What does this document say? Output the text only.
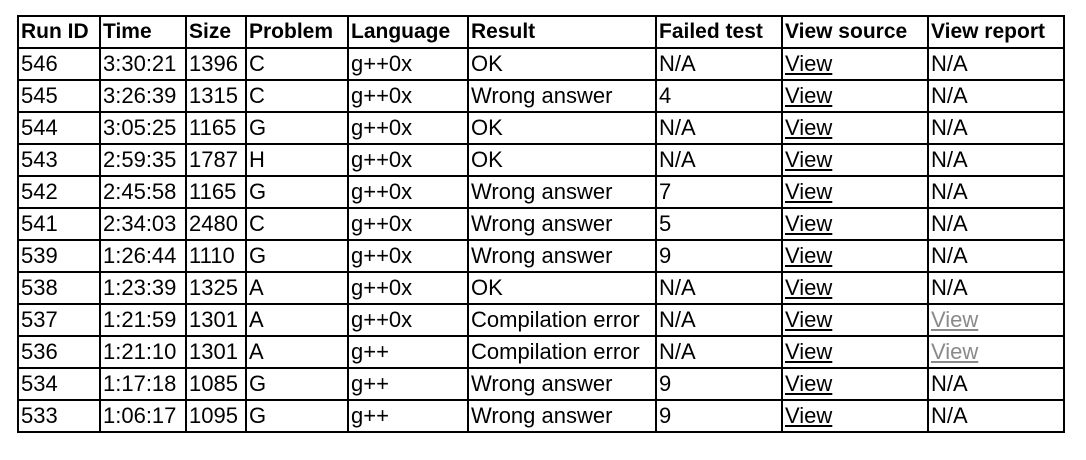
Run ID	Time	Size	Problem	Language	Result	Failed test	View source	View report
546	3:30:21	1396	C	g++0x	OK	N/A	View	N/A
545	3:26:39	1315	C	g++0x	Wrong answer	4	View	N/A
544	3:05:25	1165	G	g++0x	OK	N/A	View	N/A
543	2:59:35	1787	H	g++0x	OK	N/A	View	N/A
542	2:45:58	1165	G	g++0x	Wrong answer	7	View	N/A
541	2:34:03	2480	C	g++0x	Wrong answer	5	View	N/A
539	1:26:44	1110	G	g++0x	Wrong answer	9	View	N/A
538	1:23:39	1325	A	g++0x	OK	N/A	View	N/A
537	1:21:59	1301	A	g++0x	Compilation error	N/A	View	View
536	1:21:10	1301	A	g++	Compilation error	N/A	View	View
534	1:17:18	1085	G	g++	Wrong answer	9	View	N/A
533	1:06:17	1095	G	g++	Wrong answer	9	View	N/A
